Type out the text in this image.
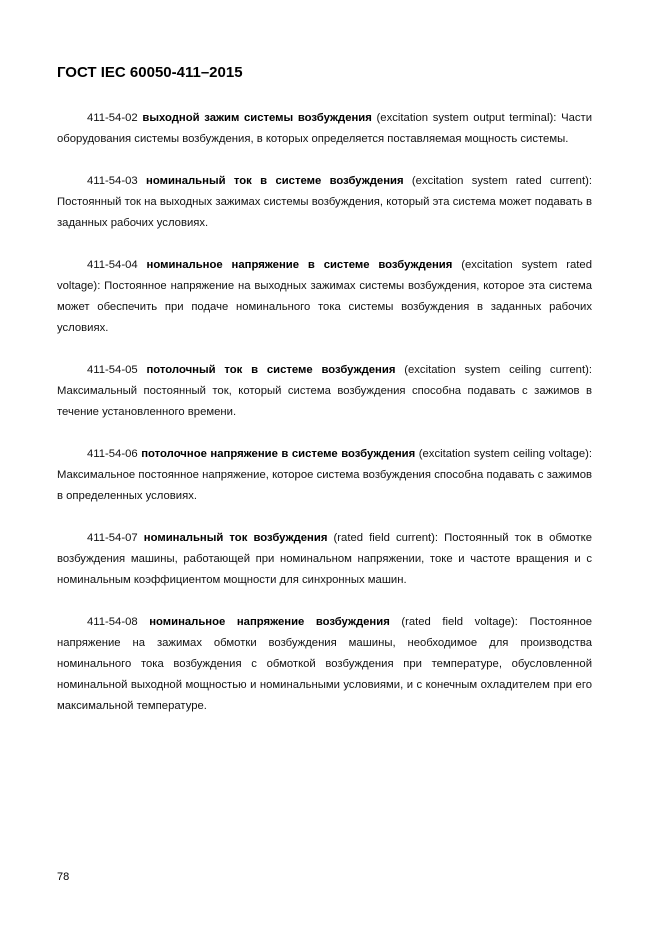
ГОСТ IEC 60050-411–2015

411-54-02 выходной зажим системы возбуждения (excitation system output terminal): Части оборудования системы возбуждения, в которых определяется поставляемая мощность системы.

411-54-03 номинальный ток в системе возбуждения (excitation system rated current): Постоянный ток на выходных зажимах системы возбуждения, который эта система может подавать в заданных рабочих условиях.

411-54-04 номинальное напряжение в системе возбуждения (excitation system rated voltage): Постоянное напряжение на выходных зажимах системы возбуждения, которое эта система может обеспечить при подаче номинального тока системы возбуждения в заданных рабочих условиях.

411-54-05 потолочный ток в системе возбуждения (excitation system ceiling current): Максимальный постоянный ток, который система возбуждения способна подавать с зажимов в течение установленного времени.

411-54-06 потолочное напряжение в системе возбуждения (excitation system ceiling voltage): Максимальное постоянное напряжение, которое система возбуждения способна подавать с зажимов в определенных условиях.

411-54-07 номинальный ток возбуждения (rated field current): Постоянный ток в обмотке возбуждения машины, работающей при номинальном напряжении, токе и частоте вращения и с номинальным коэффициентом мощности для синхронных машин.

411-54-08 номинальное напряжение возбуждения (rated field voltage): Постоянное напряжение на зажимах обмотки возбуждения машины, необходимое для производства номинального тока возбуждения с обмоткой возбуждения при температуре, обусловленной номинальной выходной мощностью и номинальными условиями, и с конечным охладителем при его максимальной температуре.

78
